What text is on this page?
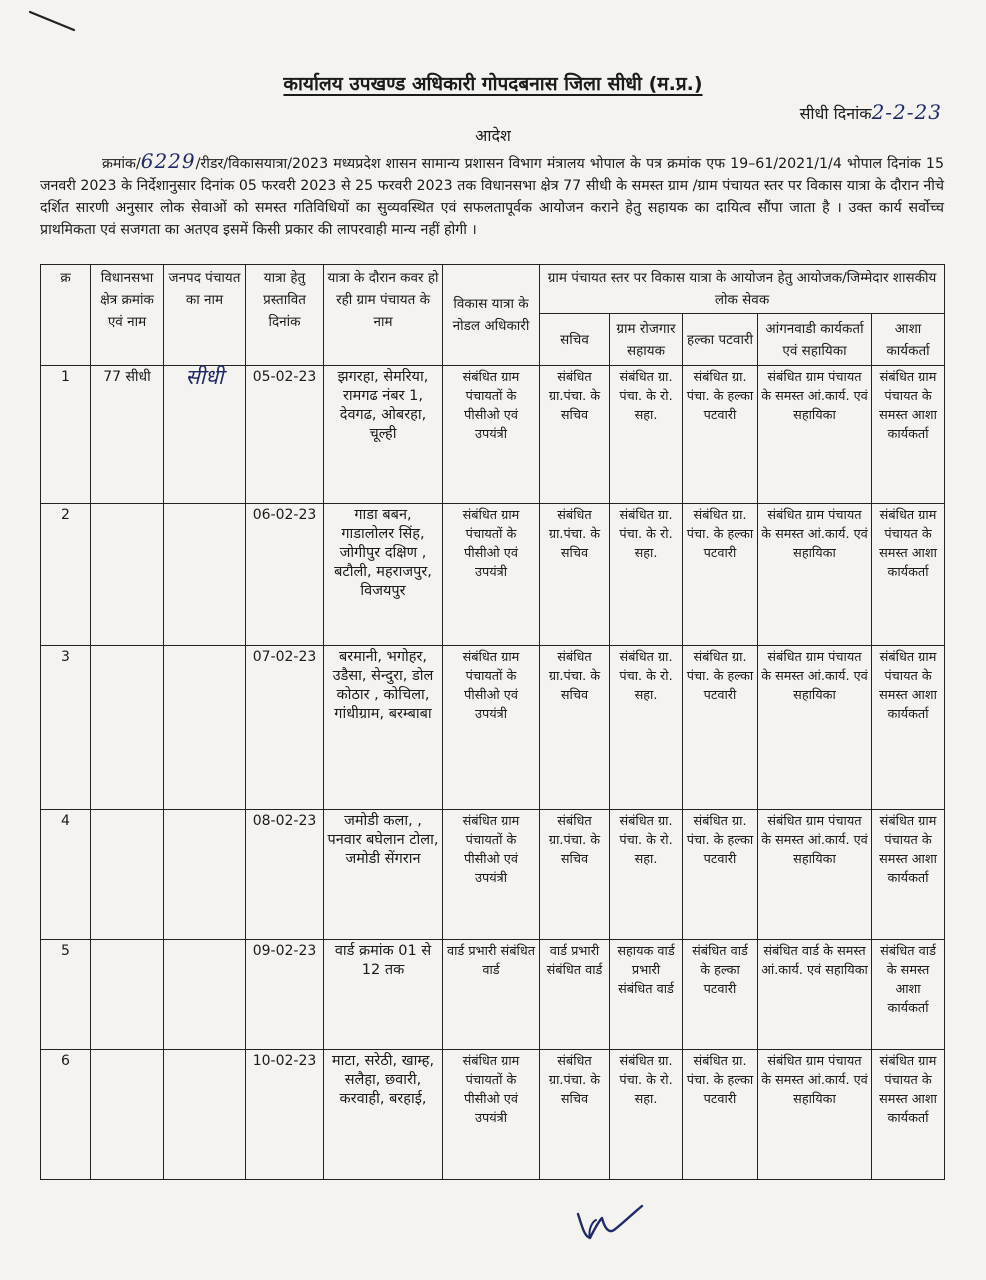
कार्यालय उपखण्ड अधिकारी गोपदबनास जिला सीधी (म.प्र.)
सीधी दिनांक2-2-23
आदेश
क्रमांक/6229/रीडर/विकासयात्रा/2023 मध्यप्रदेश शासन सामान्य प्रशासन विभाग मंत्रालय भोपाल के पत्र क्रमांक एफ 19–61/2021/1/4 भोपाल दिनांक 15 जनवरी 2023 के निर्देशानुसार दिनांक 05 फरवरी 2023 से 25 फरवरी 2023 तक विधानसभा क्षेत्र 77 सीधी के समस्त ग्राम /ग्राम पंचायत स्तर पर विकास यात्रा के दौरान नीचे दर्शित सारणी अनुसार लोक सेवाओं को समस्त गतिविधियों का सुव्यवस्थित एवं सफलतापूर्वक आयोजन कराने हेतु सहायक का दायित्व सौंपा जाता है । उक्त कार्य सर्वोच्च प्राथमिकता एवं सजगता का अतएव इसमें किसी प्रकार की लापरवाही मान्य नहीं होगी ।
क्र	विधानसभा क्षेत्र क्रमांक एवं नाम	जनपद पंचायत का नाम	यात्रा हेतु प्रस्तावित दिनांक	यात्रा के दौरान कवर हो रही ग्राम पंचायत के नाम	विकास यात्रा के नोडल अधिकारी	ग्राम पंचायत स्तर पर विकास यात्रा के आयोजन हेतु आयोजक/जिम्मेदार शासकीय लोक सेवक				
						सचिव	ग्राम रोजगार सहायक	हल्का पटवारी	आंगनवाडी कार्यकर्ता एवं सहायिका	आशा कार्यकर्ता
1	77 सीधी	सीधी	05-02-23	झगरहा, सेमरिया, रामगढ नंबर 1, देवगढ, ओबरहा, चूल्ही	संबंधित ग्राम पंचायतों के पीसीओ एवं उपयंत्री	संबंधित ग्रा.पंचा. के सचिव	संबंधित ग्रा. पंचा. के रो. सहा.	संबंधित ग्रा. पंचा. के हल्का पटवारी	संबंधित ग्राम पंचायत के समस्त आं.कार्य. एवं सहायिका	संबंधित ग्राम पंचायत के समस्त आशा कार्यकर्ता
2			06-02-23	गाडा बबन, गाडालोलर सिंह, जोगीपुर दक्षिण , बटौली, महराजपुर, विजयपुर	संबंधित ग्राम पंचायतों के पीसीओ एवं उपयंत्री	संबंधित ग्रा.पंचा. के सचिव	संबंधित ग्रा. पंचा. के रो. सहा.	संबंधित ग्रा. पंचा. के हल्का पटवारी	संबंधित ग्राम पंचायत के समस्त आं.कार्य. एवं सहायिका	संबंधित ग्राम पंचायत के समस्त आशा कार्यकर्ता
3			07-02-23	बरमानी, भगोहर, उडैसा, सेन्दुरा, डोल कोठार , कोचिला, गांधीग्राम, बरम्बाबा	संबंधित ग्राम पंचायतों के पीसीओ एवं उपयंत्री	संबंधित ग्रा.पंचा. के सचिव	संबंधित ग्रा. पंचा. के रो. सहा.	संबंधित ग्रा. पंचा. के हल्का पटवारी	संबंधित ग्राम पंचायत के समस्त आं.कार्य. एवं सहायिका	संबंधित ग्राम पंचायत के समस्त आशा कार्यकर्ता
4			08-02-23	जमोडी कला, , पनवार बघेलान टोला, जमोडी सेंगरान	संबंधित ग्राम पंचायतों के पीसीओ एवं उपयंत्री	संबंधित ग्रा.पंचा. के सचिव	संबंधित ग्रा. पंचा. के रो. सहा.	संबंधित ग्रा. पंचा. के हल्का पटवारी	संबंधित ग्राम पंचायत के समस्त आं.कार्य. एवं सहायिका	संबंधित ग्राम पंचायत के समस्त आशा कार्यकर्ता
5			09-02-23	वार्ड क्रमांक 01 से 12 तक	वार्ड प्रभारी संबंधित वार्ड	वार्ड प्रभारी संबंधित वार्ड	सहायक वार्ड प्रभारी संबंधित वार्ड	संबंधित वार्ड के हल्का पटवारी	संबंधित वार्ड के समस्त आं.कार्य. एवं सहायिका	संबंधित वार्ड के समस्त आशा कार्यकर्ता
6			10-02-23	माटा, सरेठी, खाम्ह, सलैहा, छवारी, करवाही, बरहाई,	संबंधित ग्राम पंचायतों के पीसीओ एवं उपयंत्री	संबंधित ग्रा.पंचा. के सचिव	संबंधित ग्रा. पंचा. के रो. सहा.	संबंधित ग्रा. पंचा. के हल्का पटवारी	संबंधित ग्राम पंचायत के समस्त आं.कार्य. एवं सहायिका	संबंधित ग्राम पंचायत के समस्त आशा कार्यकर्ता
